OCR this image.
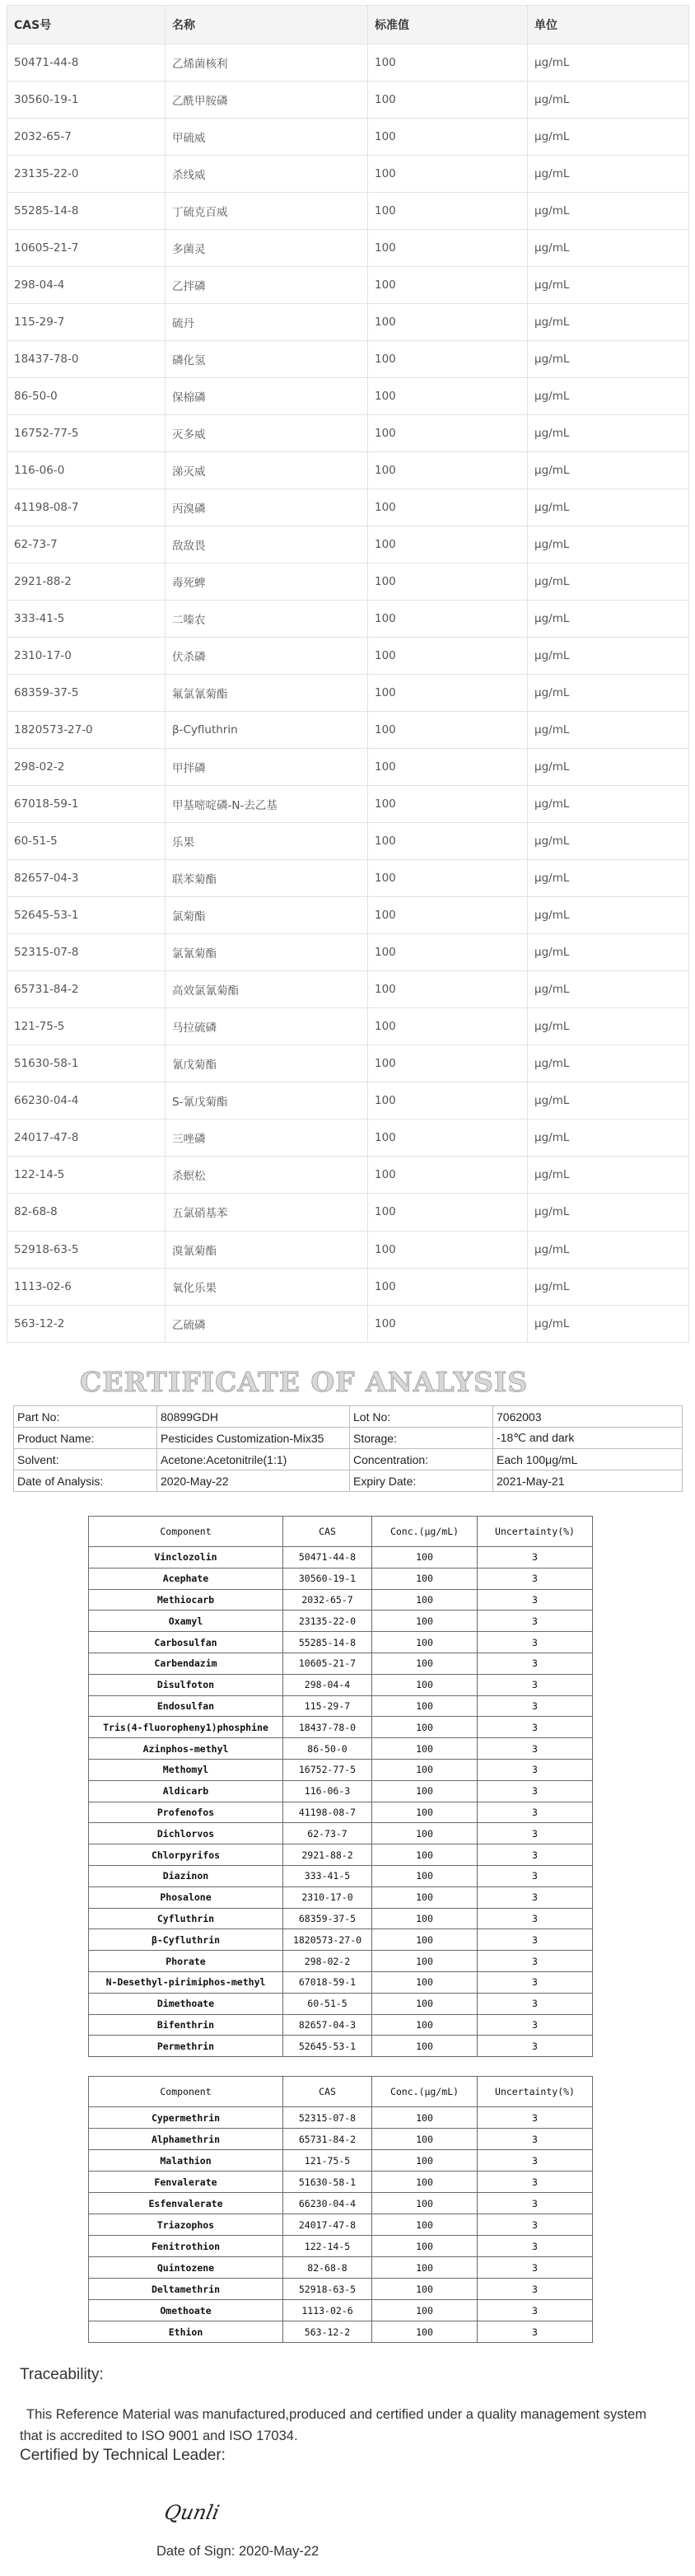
CAS号	名称	标准值	单位
50471-44-8	乙烯菌核利	100	μg/mL
30560-19-1	乙酰甲胺磷	100	μg/mL
2032-65-7	甲硫威	100	μg/mL
23135-22-0	杀线威	100	μg/mL
55285-14-8	丁硫克百威	100	μg/mL
10605-21-7	多菌灵	100	μg/mL
298-04-4	乙拌磷	100	μg/mL
115-29-7	硫丹	100	μg/mL
18437-78-0	磷化氢	100	μg/mL
86-50-0	保棉磷	100	μg/mL
16752-77-5	灭多威	100	μg/mL
116-06-0	涕灭威	100	μg/mL
41198-08-7	丙溴磷	100	μg/mL
62-73-7	敌敌畏	100	μg/mL
2921-88-2	毒死蜱	100	μg/mL
333-41-5	二嗪农	100	μg/mL
2310-17-0	伏杀磷	100	μg/mL
68359-37-5	氟氯氰菊酯	100	μg/mL
1820573-27-0	β-Cyfluthrin	100	μg/mL
298-02-2	甲拌磷	100	μg/mL
67018-59-1	甲基嘧啶磷-N-去乙基	100	μg/mL
60-51-5	乐果	100	μg/mL
82657-04-3	联苯菊酯	100	μg/mL
52645-53-1	氯菊酯	100	μg/mL
52315-07-8	氯氰菊酯	100	μg/mL
65731-84-2	高效氯氰菊酯	100	μg/mL
121-75-5	马拉硫磷	100	μg/mL
51630-58-1	氰戊菊酯	100	μg/mL
66230-04-4	S-氰戊菊酯	100	μg/mL
24017-47-8	三唑磷	100	μg/mL
122-14-5	杀螟松	100	μg/mL
82-68-8	五氯硝基苯	100	μg/mL
52918-63-5	溴氰菊酯	100	μg/mL
1113-02-6	氧化乐果	100	μg/mL
563-12-2	乙硫磷	100	μg/mL
CERTIFICATE OF ANALYSIS
Part No:	80899GDH	Lot No:	7062003
Product Name:	Pesticides Customization-Mix35	Storage:	-18℃ and dark
Solvent:	Acetone:Acetonitrile(1:1)	Concentration:	Each 100μg/mL
Date of Analysis:	2020-May-22	Expiry Date:	2021-May-21
Component	CAS	Conc.(μg/mL)	Uncertainty(%)
Vinclozolin	50471-44-8	100	3
Acephate	30560-19-1	100	3
Methiocarb	2032-65-7	100	3
Oxamyl	23135-22-0	100	3
Carbosulfan	55285-14-8	100	3
Carbendazim	10605-21-7	100	3
Disulfoton	298-04-4	100	3
Endosulfan	115-29-7	100	3
Tris(4-fluoropheny1)phosphine	18437-78-0	100	3
Azinphos-methyl	86-50-0	100	3
Methomyl	16752-77-5	100	3
Aldicarb	116-06-3	100	3
Profenofos	41198-08-7	100	3
Dichlorvos	62-73-7	100	3
Chlorpyrifos	2921-88-2	100	3
Diazinon	333-41-5	100	3
Phosalone	2310-17-0	100	3
Cyfluthrin	68359-37-5	100	3
β-Cyfluthrin	1820573-27-0	100	3
Phorate	298-02-2	100	3
N-Desethyl-pirimiphos-methyl	67018-59-1	100	3
Dimethoate	60-51-5	100	3
Bifenthrin	82657-04-3	100	3
Permethrin	52645-53-1	100	3
Component	CAS	Conc.(μg/mL)	Uncertainty(%)
Cypermethrin	52315-07-8	100	3
Alphamethrin	65731-84-2	100	3
Malathion	121-75-5	100	3
Fenvalerate	51630-58-1	100	3
Esfenvalerate	66230-04-4	100	3
Triazophos	24017-47-8	100	3
Fenitrothion	122-14-5	100	3
Quintozene	82-68-8	100	3
Deltamethrin	52918-63-5	100	3
Omethoate	1113-02-6	100	3
Ethion	563-12-2	100	3
Traceability:
This Reference Material was manufactured,produced and certified under a quality management system
that is accredited to ISO 9001 and ISO 17034.
Certified by Technical Leader:
Qunli
Date of Sign: 2020-May-22
